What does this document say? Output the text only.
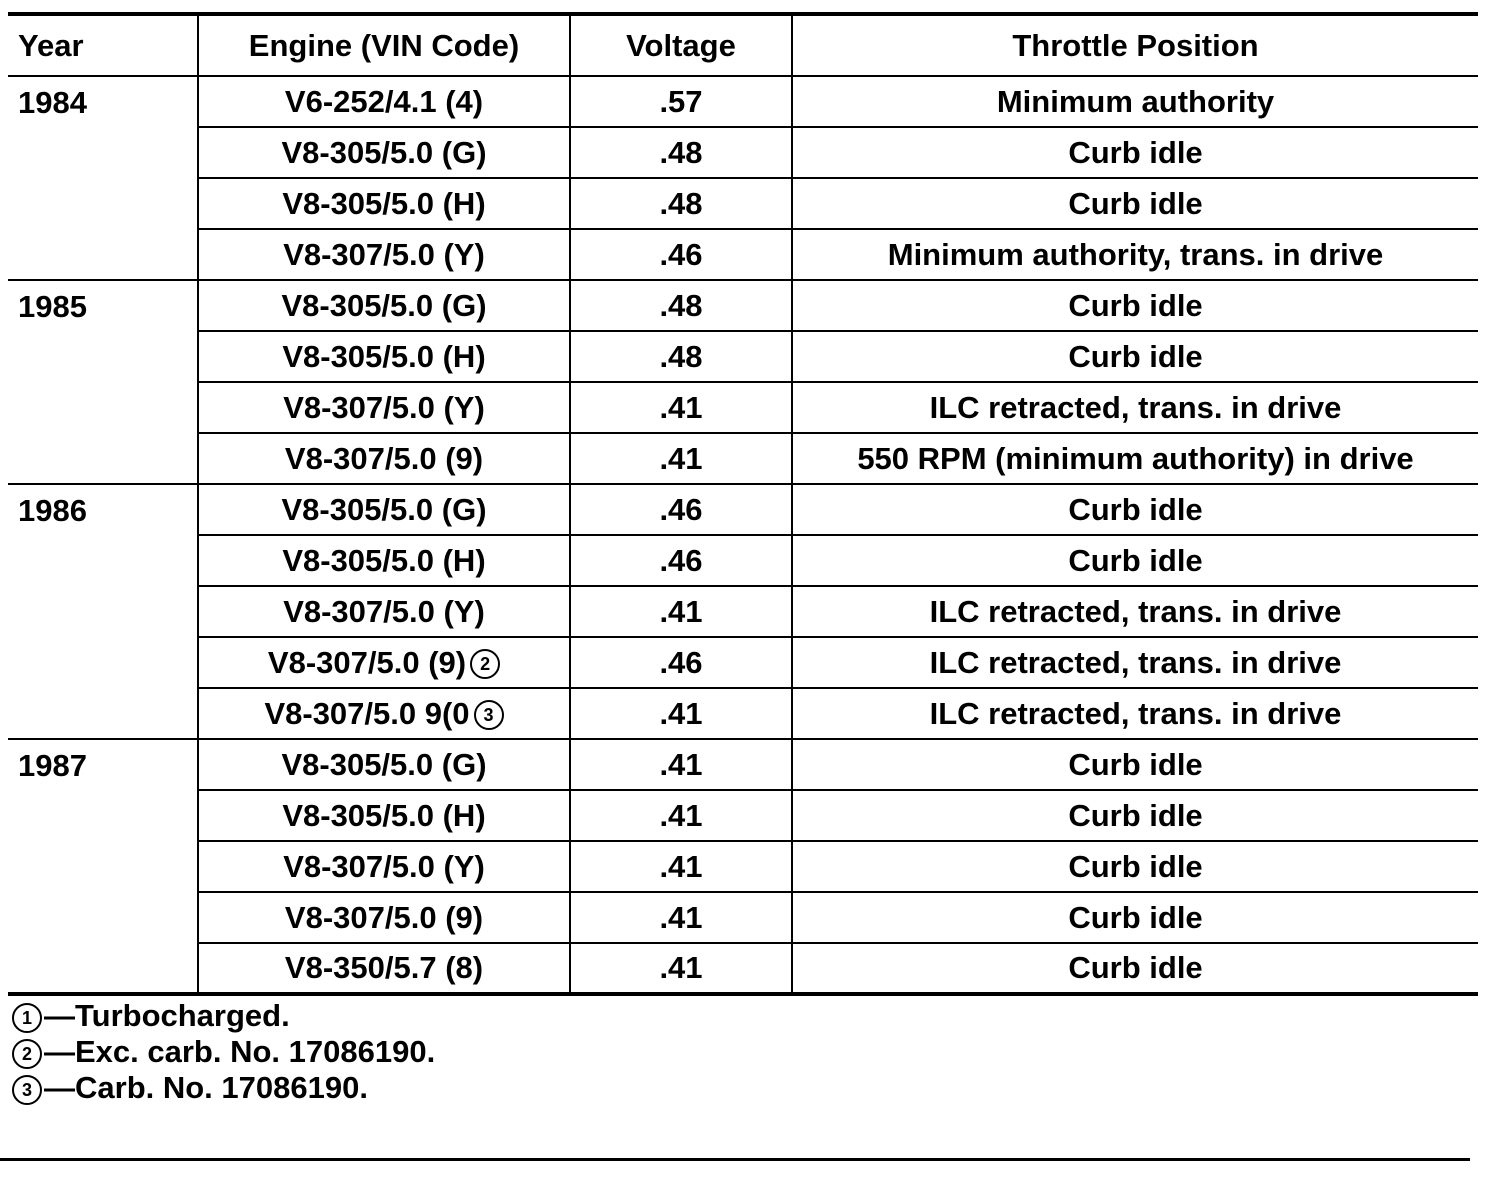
Year	Engine (VIN Code)	Voltage	Throttle Position
1984	V6-252/4.1 (4)	.57	Minimum authority
	V8-305/5.0 (G)	.48	Curb idle
	V8-305/5.0 (H)	.48	Curb idle
	V8-307/5.0 (Y)	.46	Minimum authority, trans. in drive
1985	V8-305/5.0 (G)	.48	Curb idle
	V8-305/5.0 (H)	.48	Curb idle
	V8-307/5.0 (Y)	.41	ILC retracted, trans. in drive
	V8-307/5.0 (9)	.41	550 RPM (minimum authority) in drive
1986	V8-305/5.0 (G)	.46	Curb idle
	V8-305/5.0 (H)	.46	Curb idle
	V8-307/5.0 (Y)	.41	ILC retracted, trans. in drive
	V8-307/5.0 (9) 2	.46	ILC retracted, trans. in drive
	V8-307/5.0 9(0 3	.41	ILC retracted, trans. in drive
1987	V8-305/5.0 (G)	.41	Curb idle
	V8-305/5.0 (H)	.41	Curb idle
	V8-307/5.0 (Y)	.41	Curb idle
	V8-307/5.0 (9)	.41	Curb idle
	V8-350/5.7 (8)	.41	Curb idle
1 —Turbocharged.
2 —Exc. carb. No. 17086190.
3 —Carb. No. 17086190.
